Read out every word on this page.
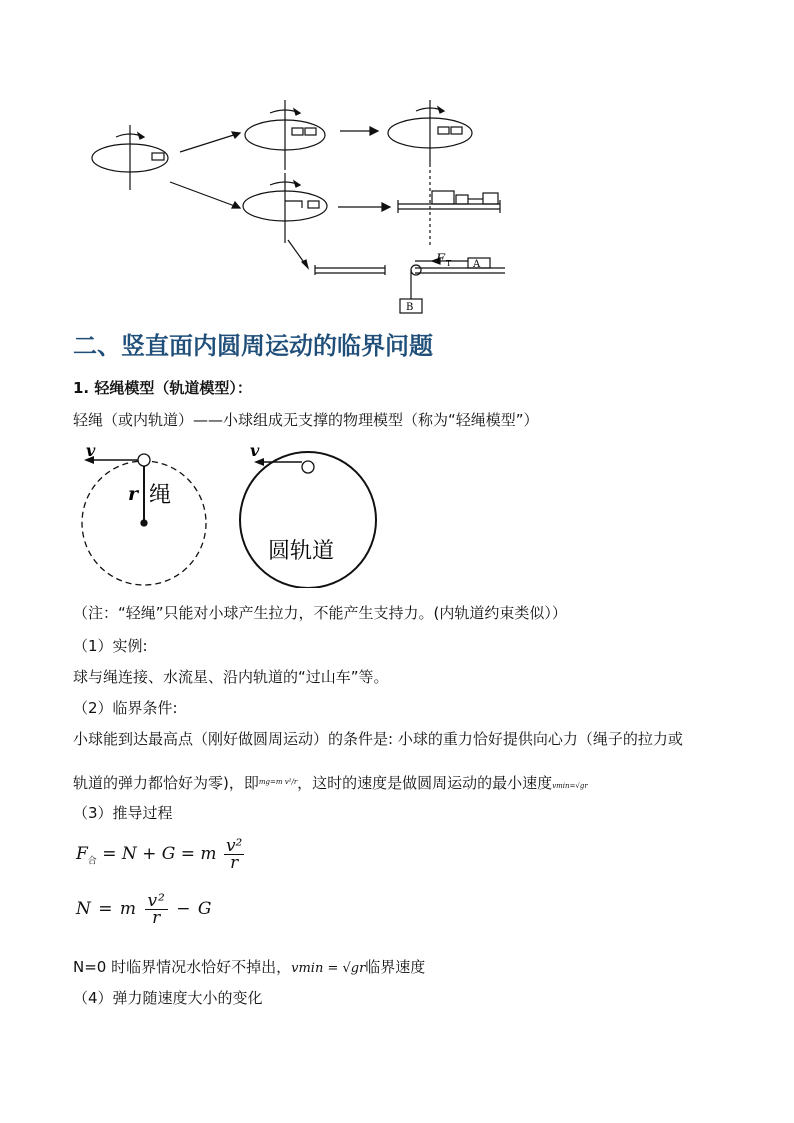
F T A
B
二、竖直面内圆周运动的临界问题
1. 轻绳模型（轨道模型）：
轻绳（或内轨道）——小球组成无支撑的物理模型（称为“轻绳模型”）
v
r 绳
v
圆轨道
（注：“轻绳”只能对小球产生拉力，不能产生支持力。(内轨道约束类似））
（1）实例:
球与绳连接、水流星、沿内轨道的“过山车”等。
（2）临界条件:
小球能到达最高点（刚好做圆周运动）的条件是: 小球的重力恰好提供向心力（绳子的拉力或
轨道的弹力都恰好为零)，即$^{mg=m v^2/r}$，这时的速度是做圆周运动的最小速度vmin=√gr
（3）推导过程
$F_合 = N + G = m \frac{\text{v²}}{r}$
N = m $\frac{\text{v²}}{r} - G$
N=0 时临界情况水恰好不掉出，vmin = √gr临界速度
（4）弹力随速度大小的变化
